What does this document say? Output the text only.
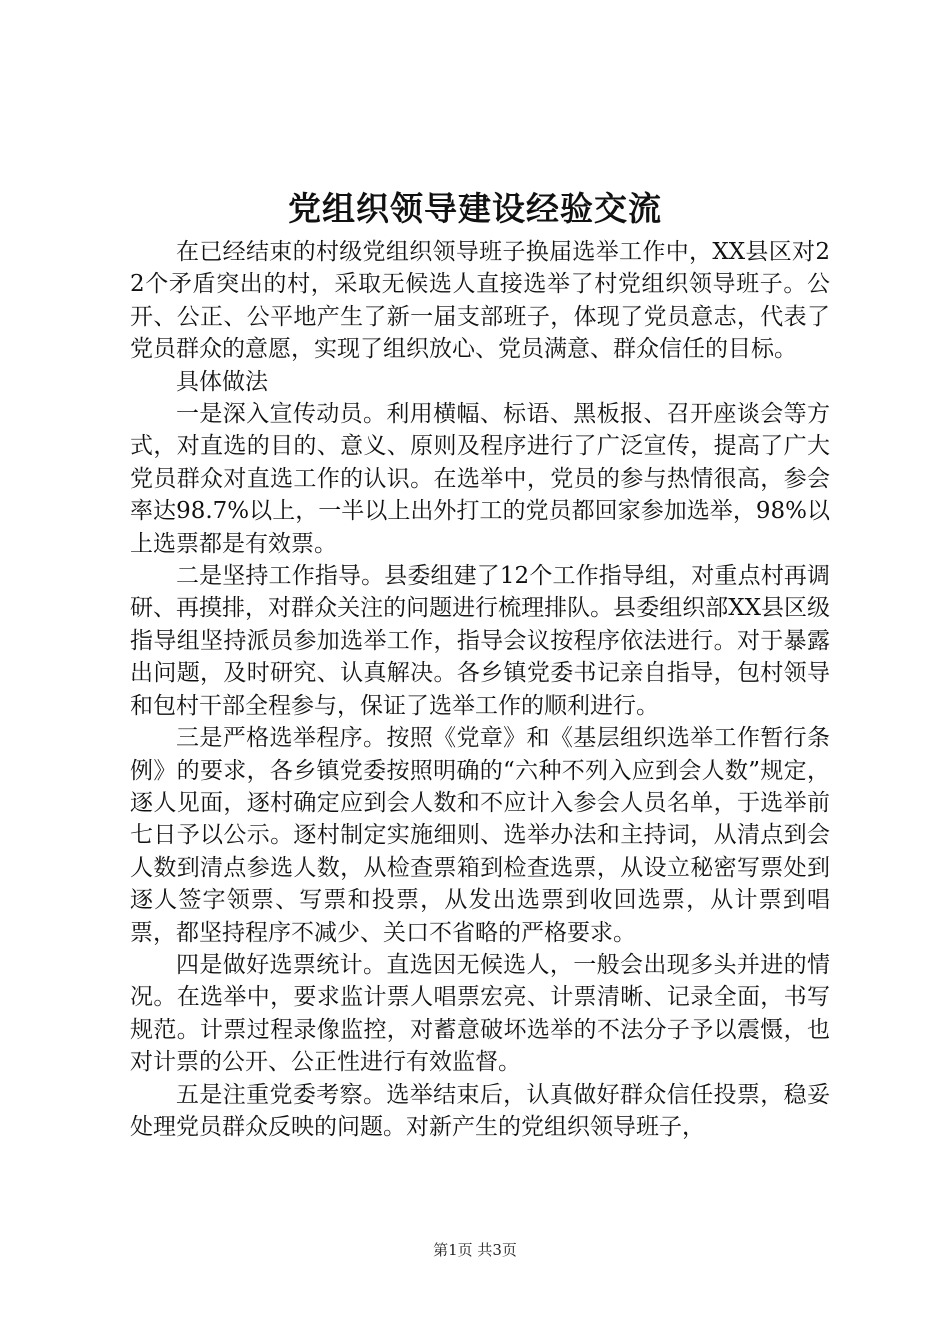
党组织领导建设经验交流

在已经结束的村级党组织领导班子换届选举工作中，XX县区对22个矛盾突出的村，采取无候选人直接选举了村党组织领导班子。公开、公正、公平地产生了新一届支部班子，体现了党员意志，代表了党员群众的意愿，实现了组织放心、党员满意、群众信任的目标。

具体做法

一是深入宣传动员。利用横幅、标语、黑板报、召开座谈会等方式，对直选的目的、意义、原则及程序进行了广泛宣传，提高了广大党员群众对直选工作的认识。在选举中，党员的参与热情很高，参会率达98.7%以上，一半以上出外打工的党员都回家参加选举，98%以上选票都是有效票。

二是坚持工作指导。县委组建了12个工作指导组，对重点村再调研、再摸排，对群众关注的问题进行梳理排队。县委组织部XX县区级指导组坚持派员参加选举工作，指导会议按程序依法进行。对于暴露出问题，及时研究、认真解决。各乡镇党委书记亲自指导，包村领导和包村干部全程参与，保证了选举工作的顺利进行。

三是严格选举程序。按照《党章》和《基层组织选举工作暂行条例》的要求，各乡镇党委按照明确的“六种不列入应到会人数”规定，逐人见面，逐村确定应到会人数和不应计入参会人员名单，于选举前七日予以公示。逐村制定实施细则、选举办法和主持词，从清点到会人数到清点参选人数，从检查票箱到检查选票，从设立秘密写票处到逐人签字领票、写票和投票，从发出选票到收回选票，从计票到唱票，都坚持程序不减少、关口不省略的严格要求。

四是做好选票统计。直选因无候选人，一般会出现多头并进的情况。在选举中，要求监计票人唱票宏亮、计票清晰、记录全面，书写规范。计票过程录像监控，对蓄意破坏选举的不法分子予以震慑，也对计票的公开、公正性进行有效监督。

五是注重党委考察。选举结束后，认真做好群众信任投票，稳妥处理党员群众反映的问题。对新产生的党组织领导班子，

第1页 共3页
